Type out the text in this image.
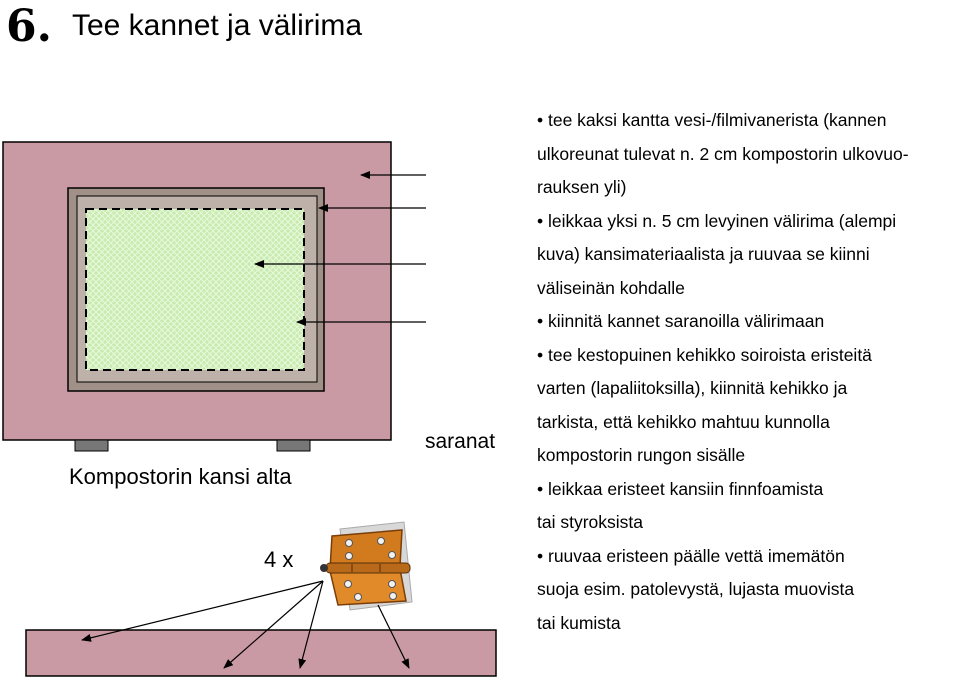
6. Tee kannet ja välirima
Kompostorin kansi alta
saranat
4 x
• tee kaksi kantta vesi-/filmivanerista (kannen
ulkoreunat tulevat n. 2 cm kompostorin ulkovuo-
rauksen yli)
• leikkaa yksi n. 5 cm levyinen välirima (alempi
kuva) kansimateriaalista ja ruuvaa se kiinni
väliseinän kohdalle
• kiinnitä kannet saranoilla välirimaan
• tee kestopuinen kehikko soiroista eristeitä
varten (lapaliitoksilla), kiinnitä kehikko ja
tarkista, että kehikko mahtuu kunnolla
kompostorin rungon sisälle
• leikkaa eristeet kansiin finnfoamista
tai styroksista
• ruuvaa eristeen päälle vettä imemätön
suoja esim. patolevystä, lujasta muovista
tai kumista
